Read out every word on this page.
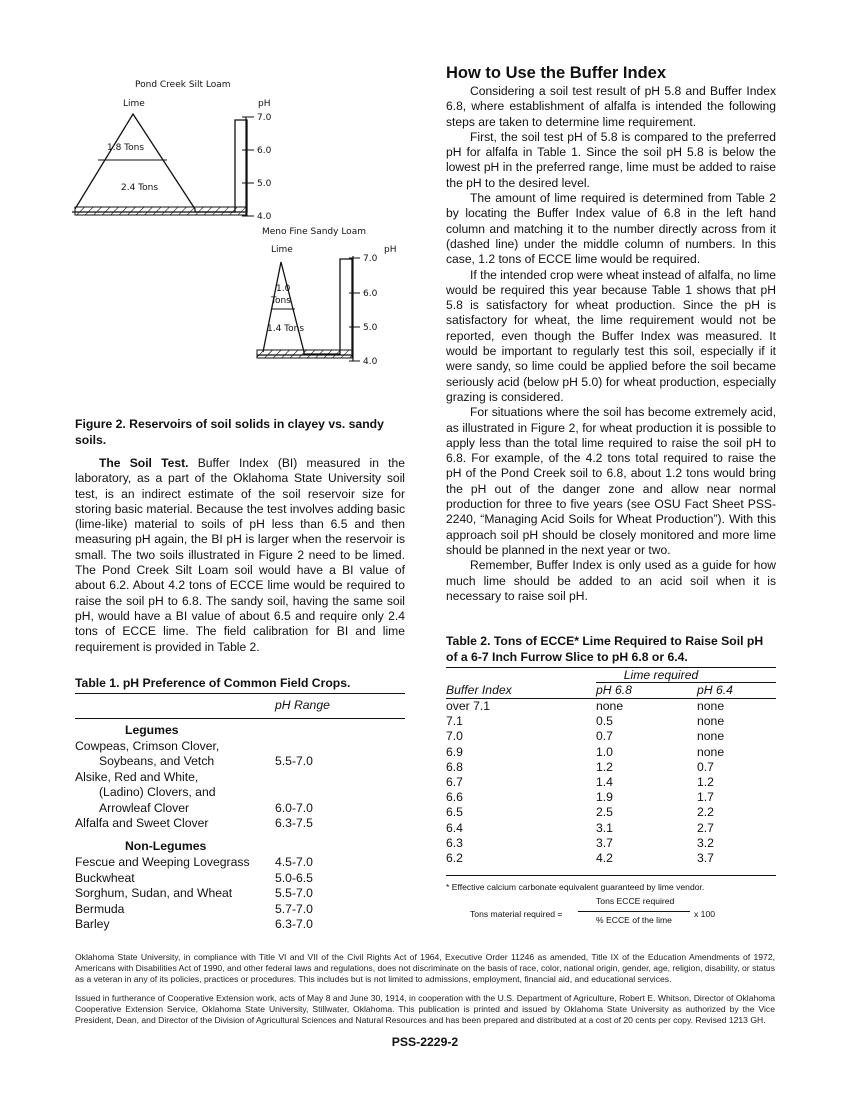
Pond Creek Silt Loam
Lime	pH
1.8 Tons
2.4 Tons
7.0
6.0
5.0
4.0
Meno Fine Sandy Loam
Lime	pH
1.0
Tons
1.4 Tons
7.0
6.0
5.0
4.0
Figure 2. Reservoirs of soil solids in clayey vs. sandy soils.

The Soil Test. Buffer Index (BI) measured in the laboratory, as a part of the Oklahoma State University soil test, is an indirect estimate of the soil reservoir size for storing basic material. Because the test involves adding basic (lime-like) material to soils of pH less than 6.5 and then measuring pH again, the BI pH is larger when the reservoir is small. The two soils illustrated in Figure 2 need to be limed. The Pond Creek Silt Loam soil would have a BI value of about 6.2. About 4.2 tons of ECCE lime would be required to raise the soil pH to 6.8. The sandy soil, having the same soil pH, would have a BI value of about 6.5 and require only 2.4 tons of ECCE lime. The field calibration for BI and lime requirement is provided in Table 2.

Table 1. pH Preference of Common Field Crops.
pH Range
Legumes
Cowpeas, Crimson Clover,
Soybeans, and Vetch	5.5-7.0
Alsike, Red and White,
(Ladino) Clovers, and
Arrowleaf Clover	6.0-7.0
Alfalfa and Sweet Clover	6.3-7.5
Non-Legumes
Fescue and Weeping Lovegrass	4.5-7.0
Buckwheat	5.0-6.5
Sorghum, Sudan, and Wheat	5.5-7.0
Bermuda	5.7-7.0
Barley	6.3-7.0
How to Use the Buffer Index

Considering a soil test result of pH 5.8 and Buffer Index 6.8, where establishment of alfalfa is intended the following steps are taken to determine lime requirement.

First, the soil test pH of 5.8 is compared to the preferred pH for alfalfa in Table 1. Since the soil pH 5.8 is below the lowest pH in the preferred range, lime must be added to raise the pH to the desired level.

The amount of lime required is determined from Table 2 by locating the Buffer Index value of 6.8 in the left hand column and matching it to the number directly across from it (dashed line) under the middle column of numbers. In this case, 1.2 tons of ECCE lime would be required.

If the intended crop were wheat instead of alfalfa, no lime would be required this year because Table 1 shows that pH 5.8 is satisfactory for wheat production. Since the pH is satisfactory for wheat, the lime requirement would not be reported, even though the Buffer Index was measured. It would be important to regularly test this soil, especially if it were sandy, so lime could be applied before the soil became seriously acid (below pH 5.0) for wheat production, especially grazing is considered.

For situations where the soil has become extremely acid, as illustrated in Figure 2, for wheat production it is possible to apply less than the total lime required to raise the soil pH to 6.8. For example, of the 4.2 tons total required to raise the pH of the Pond Creek soil to 6.8, about 1.2 tons would bring the pH out of the danger zone and allow near normal production for three to five years (see OSU Fact Sheet PSS-2240, “Managing Acid Soils for Wheat Production”). With this approach soil pH should be closely monitored and more lime should be planned in the next year or two.

Remember, Buffer Index is only used as a guide for how much lime should be added to an acid soil when it is necessary to raise soil pH.

Table 2. Tons of ECCE* Lime Required to Raise Soil pH of a 6-7 Inch Furrow Slice to pH 6.8 or 6.4.
Lime required
Buffer Index	pH 6.8	pH 6.4
over 7.1	none	none
7.1	0.5	none
7.0	0.7	none
6.9	1.0	none
6.8	1.2	0.7
6.7	1.4	1.2
6.6	1.9	1.7
6.5	2.5	2.2
6.4	3.1	2.7
6.3	3.7	3.2
6.2	4.2	3.7
* Effective calcium carbonate equivalent guaranteed by lime vendor.
Tons material required =
Tons ECCE required
% ECCE of the lime
x 100
Oklahoma State University, in compliance with Title VI and VII of the Civil Rights Act of 1964, Executive Order 11246 as amended, Title IX of the Education Amendments of 1972, Americans with Disabilities Act of 1990, and other federal laws and regulations, does not discriminate on the basis of race, color, national origin, gender, age, religion, disability, or status as a veteran in any of its policies, practices or procedures. This includes but is not limited to admissions, employment, financial aid, and educational services.
Issued in furtherance of Cooperative Extension work, acts of May 8 and June 30, 1914, in cooperation with the U.S. Department of Agriculture, Robert E. Whitson, Director of Oklahoma Cooperative Extension Service, Oklahoma State University, Stillwater, Oklahoma. This publication is printed and issued by Oklahoma State University as authorized by the Vice President, Dean, and Director of the Division of Agricultural Sciences and Natural Resources and has been prepared and distributed at a cost of 20 cents per copy. Revised 1213 GH.
PSS-2229-2
